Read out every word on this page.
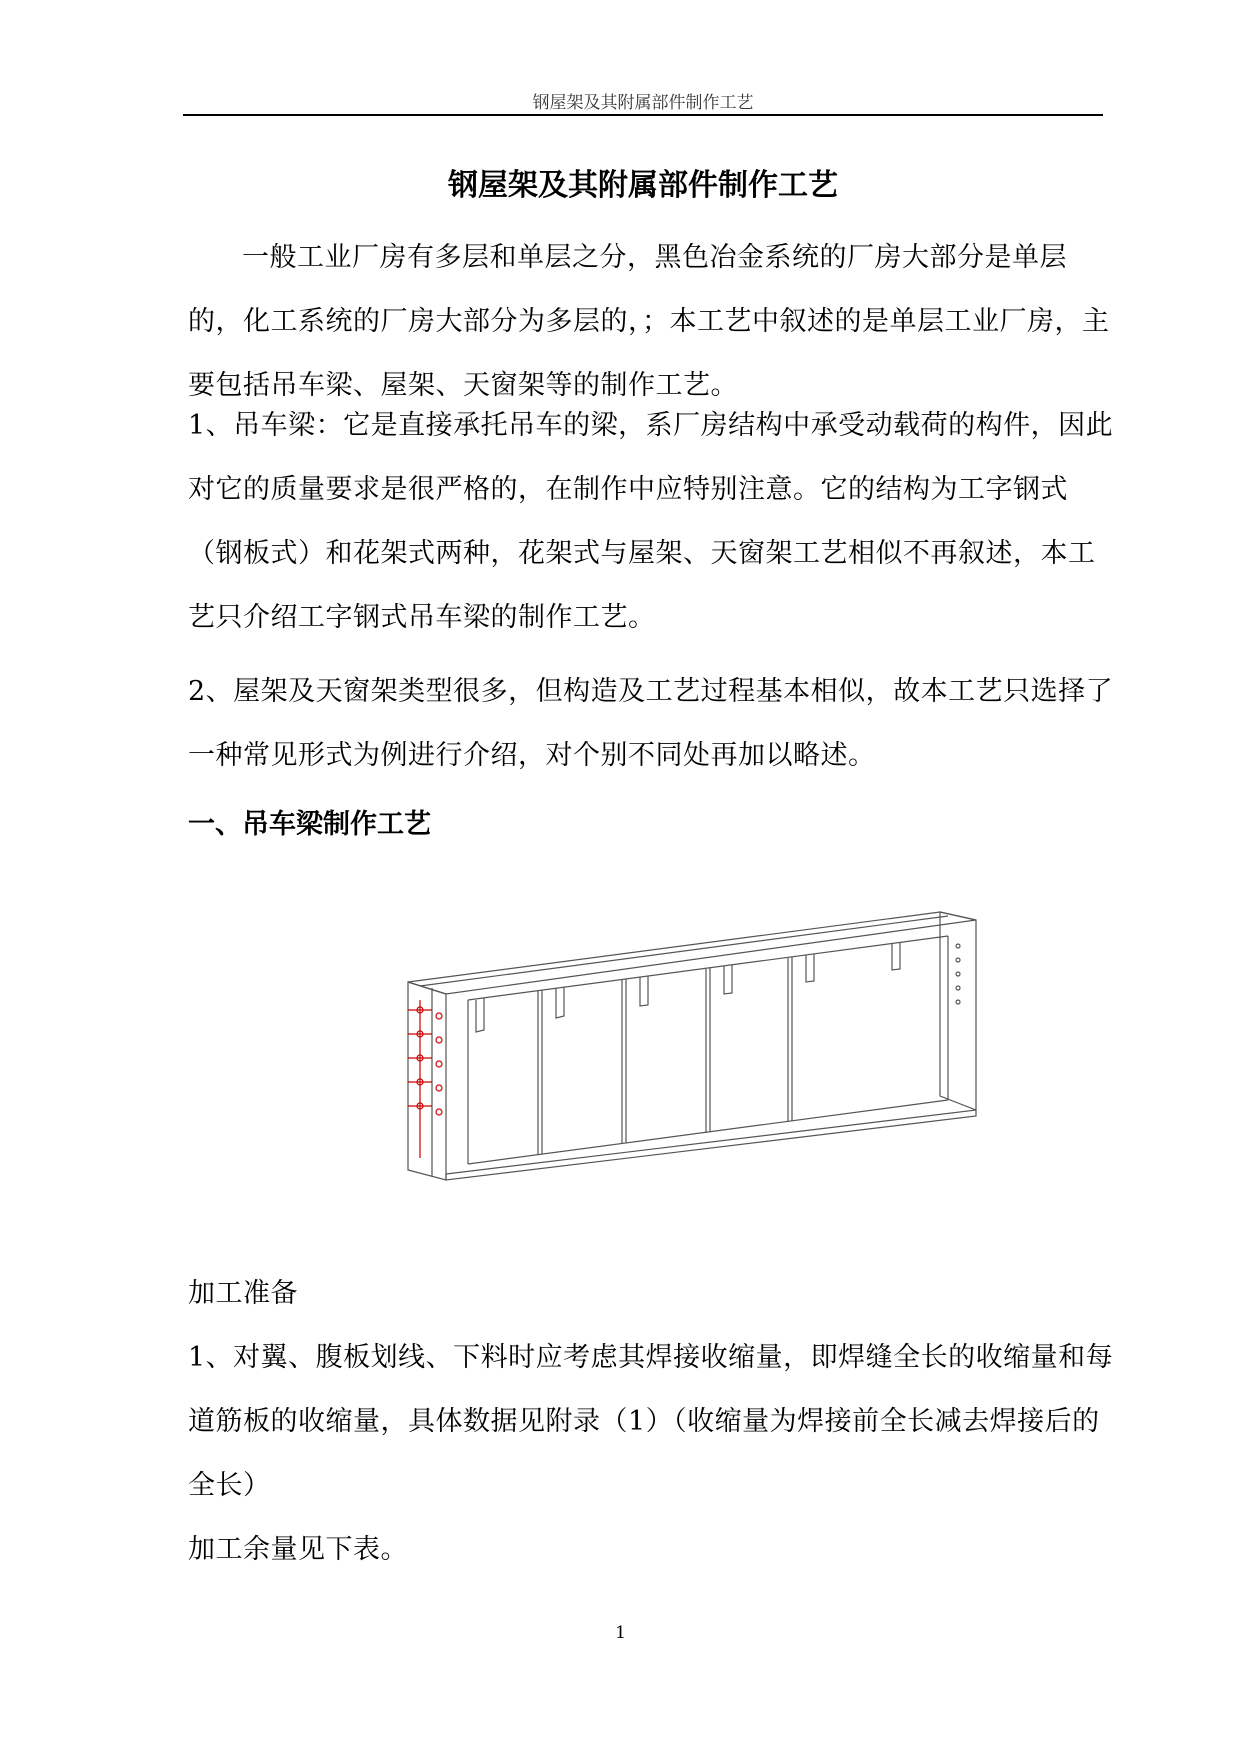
钢屋架及其附属部件制作工艺
钢屋架及其附属部件制作工艺

一般工业厂房有多层和单层之分，黑色冶金系统的厂房大部分是单层的，化工系统的厂房大部分为多层的，；本工艺中叙述的是单层工业厂房，主要包括吊车梁、屋架、天窗架等的制作工艺。

1、吊车梁：它是直接承托吊车的梁，系厂房结构中承受动载荷的构件，因此对它的质量要求是很严格的，在制作中应特别注意。它的结构为工字钢式（钢板式）和花架式两种，花架式与屋架、天窗架工艺相似不再叙述，本工艺只介绍工字钢式吊车梁的制作工艺。

2、屋架及天窗架类型很多，但构造及工艺过程基本相似，故本工艺只选择了一种常见形式为例进行介绍，对个别不同处再加以略述。

一、吊车梁制作工艺

加工准备

1、对翼、腹板划线、下料时应考虑其焊接收缩量，即焊缝全长的收缩量和每道筋板的收缩量，具体数据见附录（1）（收缩量为焊接前全长减去焊接后的全长）

加工余量见下表。

1
